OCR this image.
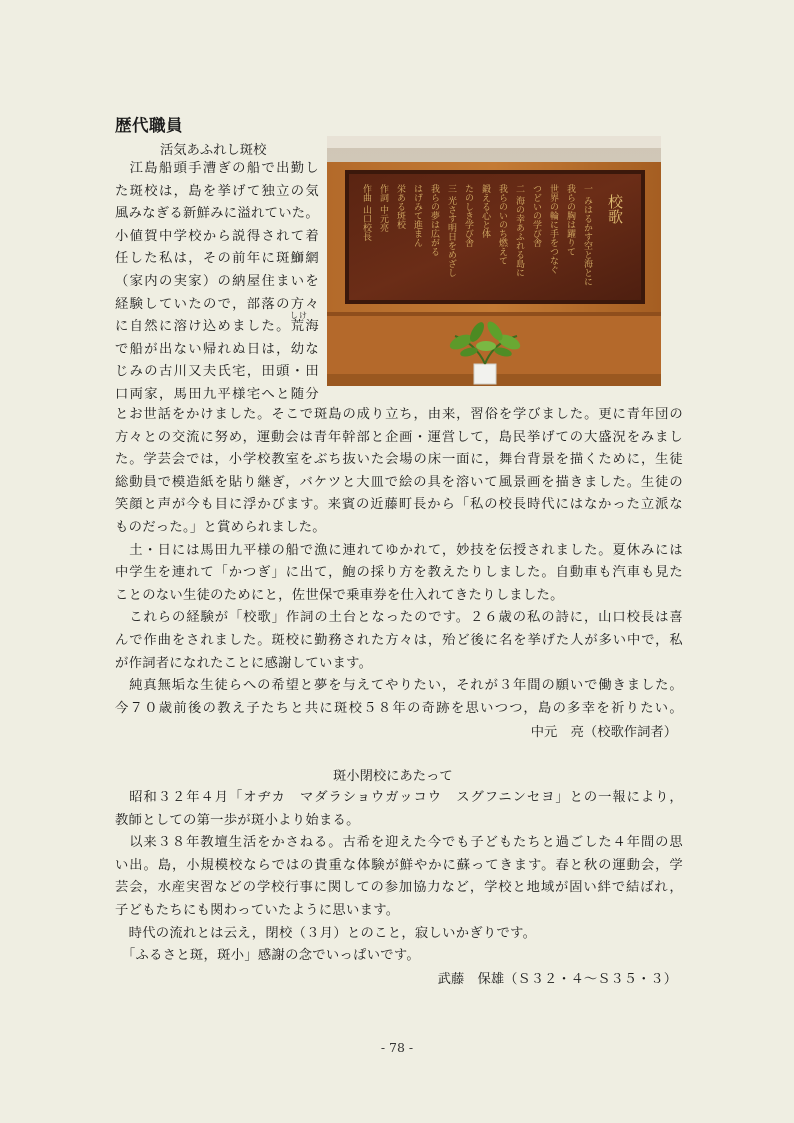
歴代職員
活気あふれし斑校
　江島船頭手漕ぎの船で出勤し
た斑校は，島を挙げて独立の気
風みなぎる新鮮みに溢れていた。
小値賀中学校から説得されて着
任した私は，その前年に斑鰤網
（家内の実家）の納屋住まいを
経験していたので，部落の方々
に自然に溶け込めました。荒海
で船が出ない帰れぬ日は，幼な
じみの古川又夫氏宅，田頭・田
口両家，馬田九平様宅へと随分
しけ
一 みはるかす空と海とに
我らの胸は躍りて
世界の輪に手をつなぐ
つどいの学び舎
二 海の幸あふれる島に
我らのいのち燃えて
鍛える心と体
たのしき学び舎
三 光さす明日をめざし
我らの夢は広がる
はげみて進まん
栄ある斑校
作詞 中元亮
作曲 山口校長	校歌
とお世話をかけました。そこで斑島の成り立ち，由来，習俗を学びました。更に青年団の
方々との交流に努め，運動会は青年幹部と企画・運営して，島民挙げての大盛況をみまし
た。学芸会では，小学校教室をぶち抜いた会場の床一面に，舞台背景を描くために，生徒
総動員で模造紙を貼り継ぎ，バケツと大皿で絵の具を溶いて風景画を描きました。生徒の
笑顔と声が今も目に浮かびます。来賓の近藤町長から「私の校長時代にはなかった立派な
ものだった。」と賞められました。
　土・日には馬田九平様の船で漁に連れてゆかれて，妙技を伝授されました。夏休みには
中学生を連れて「かつぎ」に出て，鮑の採り方を教えたりしました。自動車も汽車も見た
ことのない生徒のためにと，佐世保で乗車券を仕入れてきたりしました。
　これらの経験が「校歌」作詞の土台となったのです。２６歳の私の詩に，山口校長は喜
んで作曲をされました。斑校に勤務された方々は，殆ど後に名を挙げた人が多い中で，私
が作詞者になれたことに感謝しています。
　純真無垢な生徒らへの希望と夢を与えてやりたい，それが３年間の願いで働きました。
今７０歳前後の教え子たちと共に斑校５８年の奇跡を思いつつ，島の多幸を祈りたい。
中元　亮（校歌作詞者）
斑小閉校にあたって
　昭和３２年４月「オヂカ　マダラショウガッコウ　スグフニンセヨ」との一報により，
教師としての第一歩が斑小より始まる。
　以来３８年教壇生活をかさねる。古希を迎えた今でも子どもたちと過ごした４年間の思
い出。島，小規模校ならではの貴重な体験が鮮やかに蘇ってきます。春と秋の運動会，学
芸会，水産実習などの学校行事に関しての参加協力など，学校と地域が固い絆で結ばれ，
子どもたちにも関わっていたように思います。
　時代の流れとは云え，閉校（３月）とのこと，寂しいかぎりです。
　「ふるさと斑，斑小」感謝の念でいっぱいです。
武藤　保雄（Ｓ３２・４～Ｓ３５・３）
- 78 -
